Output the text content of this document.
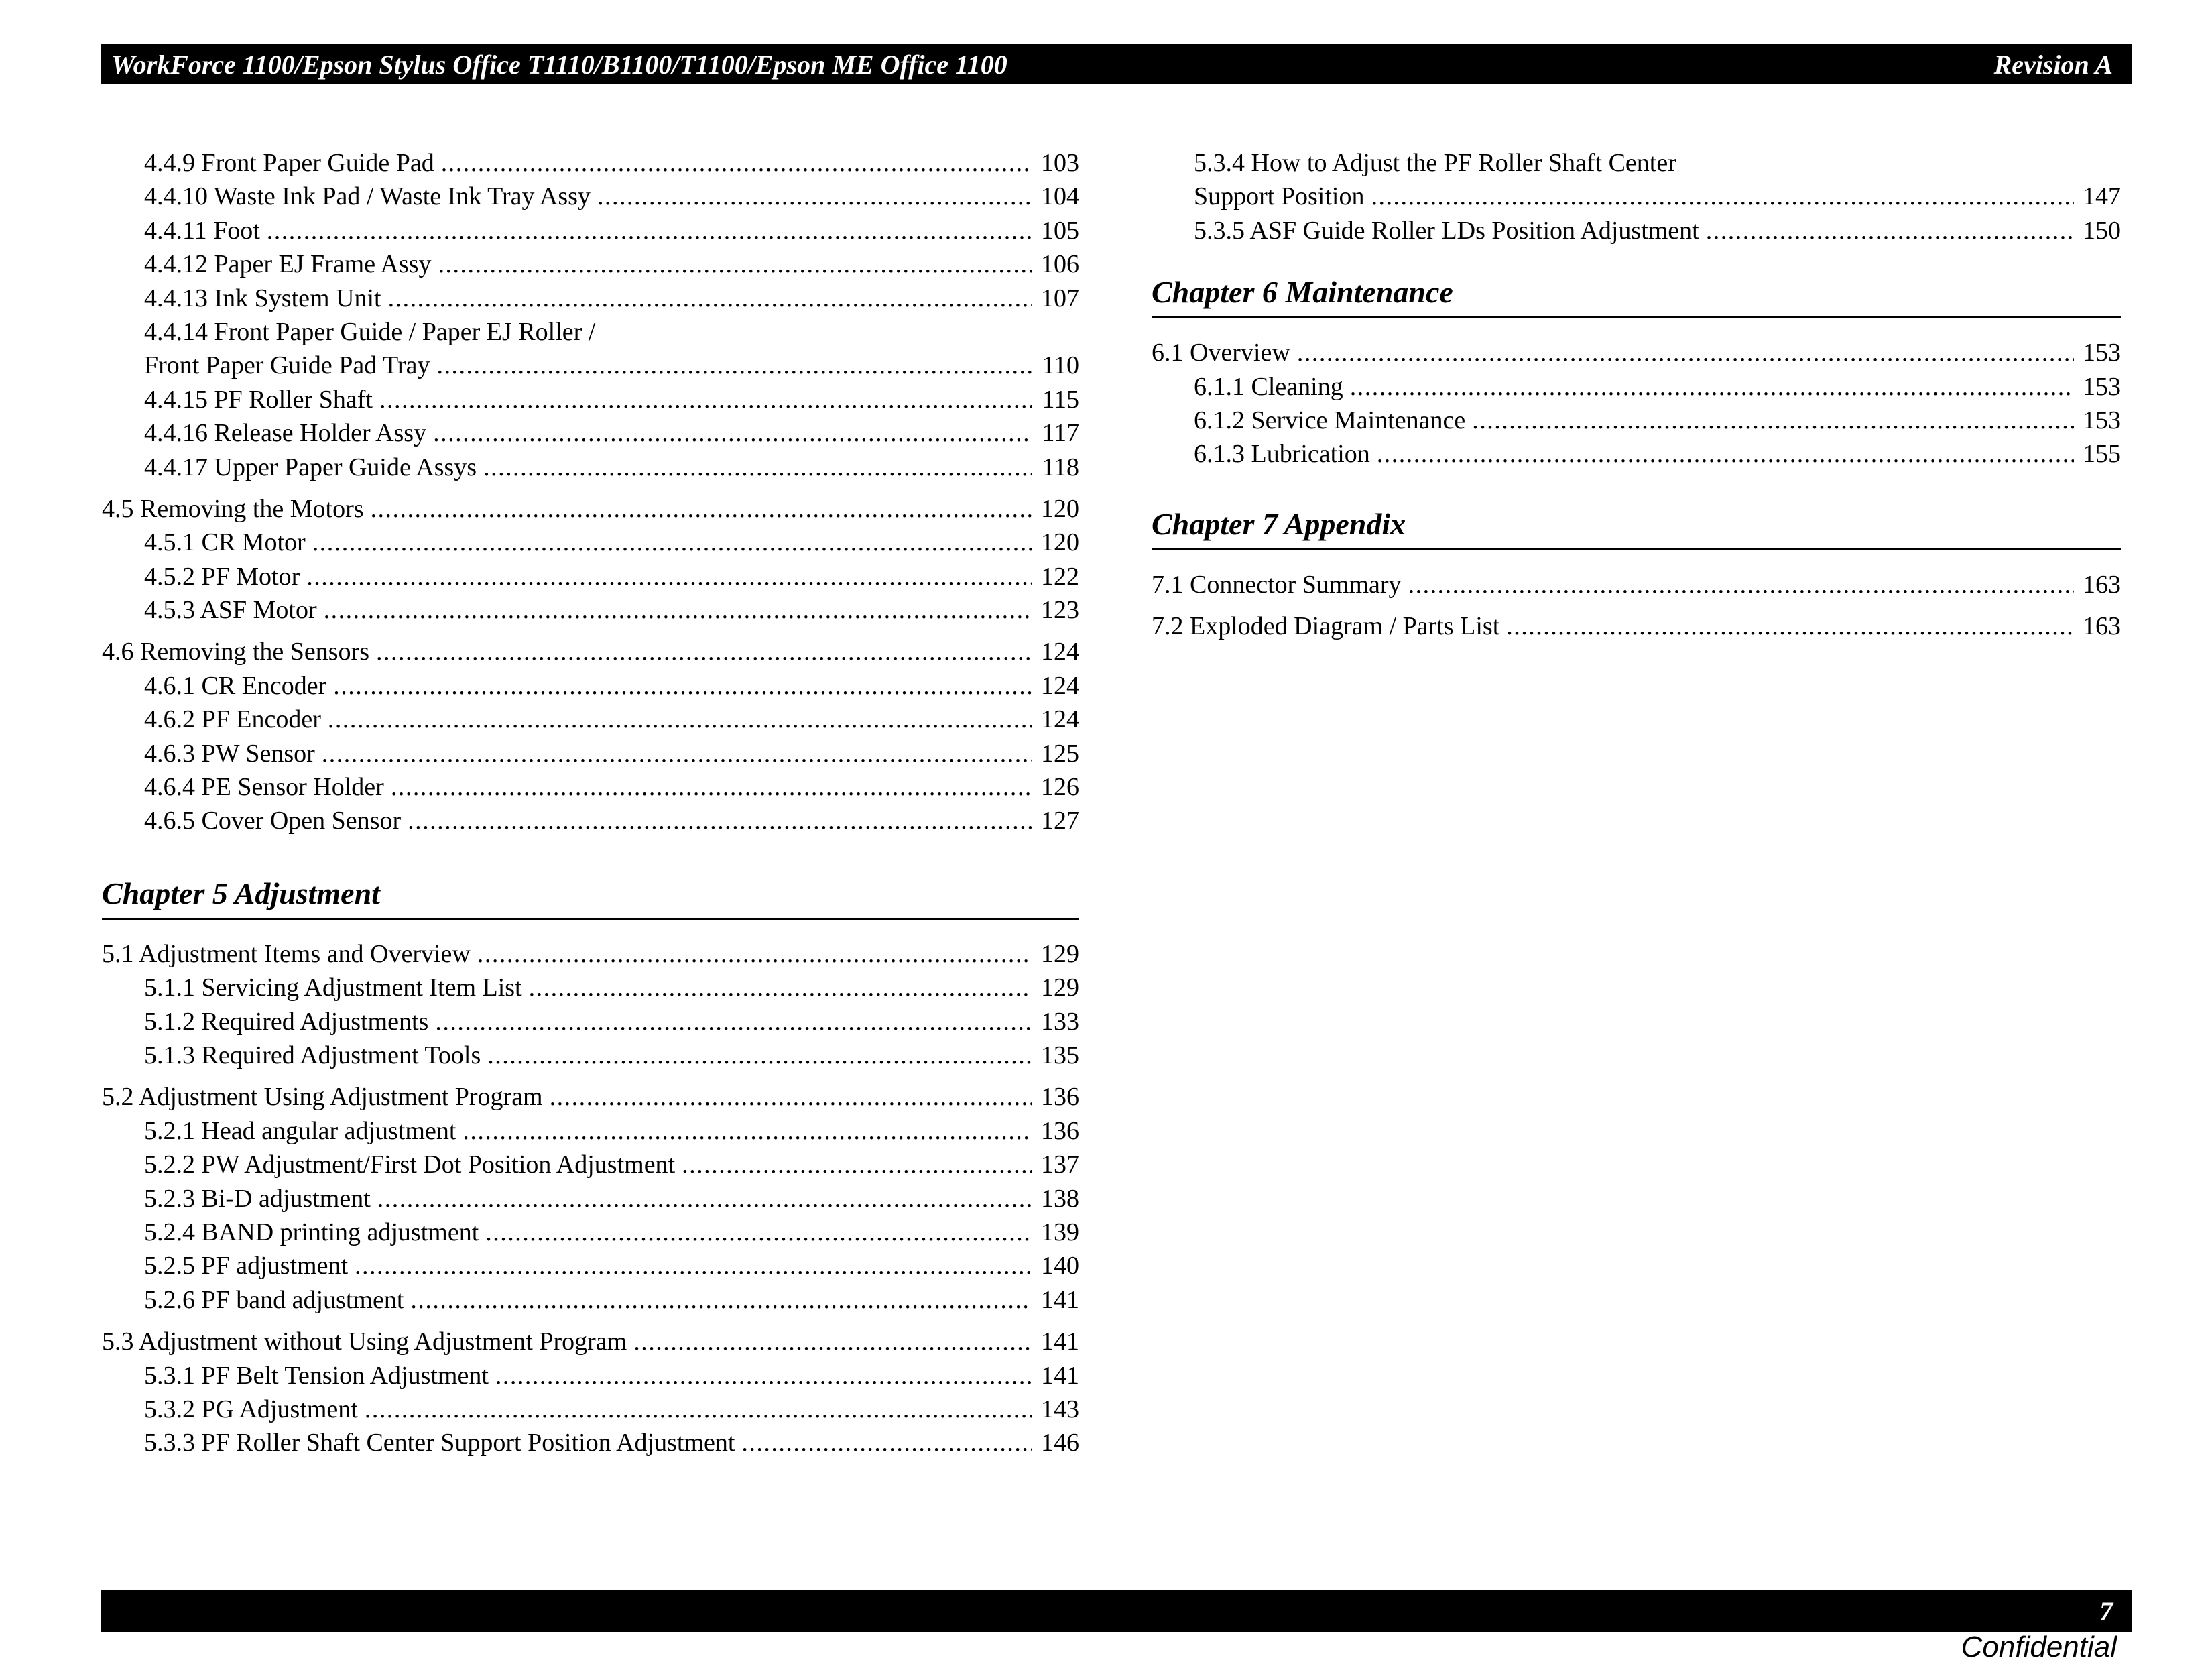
WorkForce 1100/Epson Stylus Office T1110/B1100/T1100/Epson ME Office 1100	Revision A
4.4.9 Front Paper Guide Pad . . .	103
4.4.10 Waste Ink Pad / Waste Ink Tray Assy . . .	104
4.4.11 Foot . . .	105
4.4.12 Paper EJ Frame Assy . . .	106
4.4.13 Ink System Unit . . .	107
4.4.14 Front Paper Guide / Paper EJ Roller /
Front Paper Guide Pad Tray . . .	110
4.4.15 PF Roller Shaft . . .	115
4.4.16 Release Holder Assy . . .	117
4.4.17 Upper Paper Guide Assys . . .	118
4.5 Removing the Motors . . .	120
4.5.1 CR Motor . . .	120
4.5.2 PF Motor . . .	122
4.5.3 ASF Motor . . .	123
4.6 Removing the Sensors . . .	124
4.6.1 CR Encoder . . .	124
4.6.2 PF Encoder . . .	124
4.6.3 PW Sensor . . .	125
4.6.4 PE Sensor Holder . . .	126
4.6.5 Cover Open Sensor . . .	127
Chapter 5 Adjustment
5.1 Adjustment Items and Overview . . .	129
5.1.1 Servicing Adjustment Item List . . .	129
5.1.2 Required Adjustments . . .	133
5.1.3 Required Adjustment Tools . . .	135
5.2 Adjustment Using Adjustment Program . . .	136
5.2.1 Head angular adjustment . . .	136
5.2.2 PW Adjustment/First Dot Position Adjustment . . .	137
5.2.3 Bi-D adjustment . . .	138
5.2.4 BAND printing adjustment . . .	139
5.2.5 PF adjustment . . .	140
5.2.6 PF band adjustment . . .	141
5.3 Adjustment without Using Adjustment Program . . .	141
5.3.1 PF Belt Tension Adjustment . . .	141
5.3.2 PG Adjustment . . .	143
5.3.3 PF Roller Shaft Center Support Position Adjustment . . .	146
5.3.4 How to Adjust the PF Roller Shaft Center
Support Position . . .	147
5.3.5 ASF Guide Roller LDs Position Adjustment . . .	150
Chapter 6 Maintenance
6.1 Overview . . .	153
6.1.1 Cleaning . . .	153
6.1.2 Service Maintenance . . .	153
6.1.3 Lubrication . . .	155
Chapter 7 Appendix
7.1 Connector Summary . . .	163
7.2 Exploded Diagram / Parts List . . .	163
7
Confidential
